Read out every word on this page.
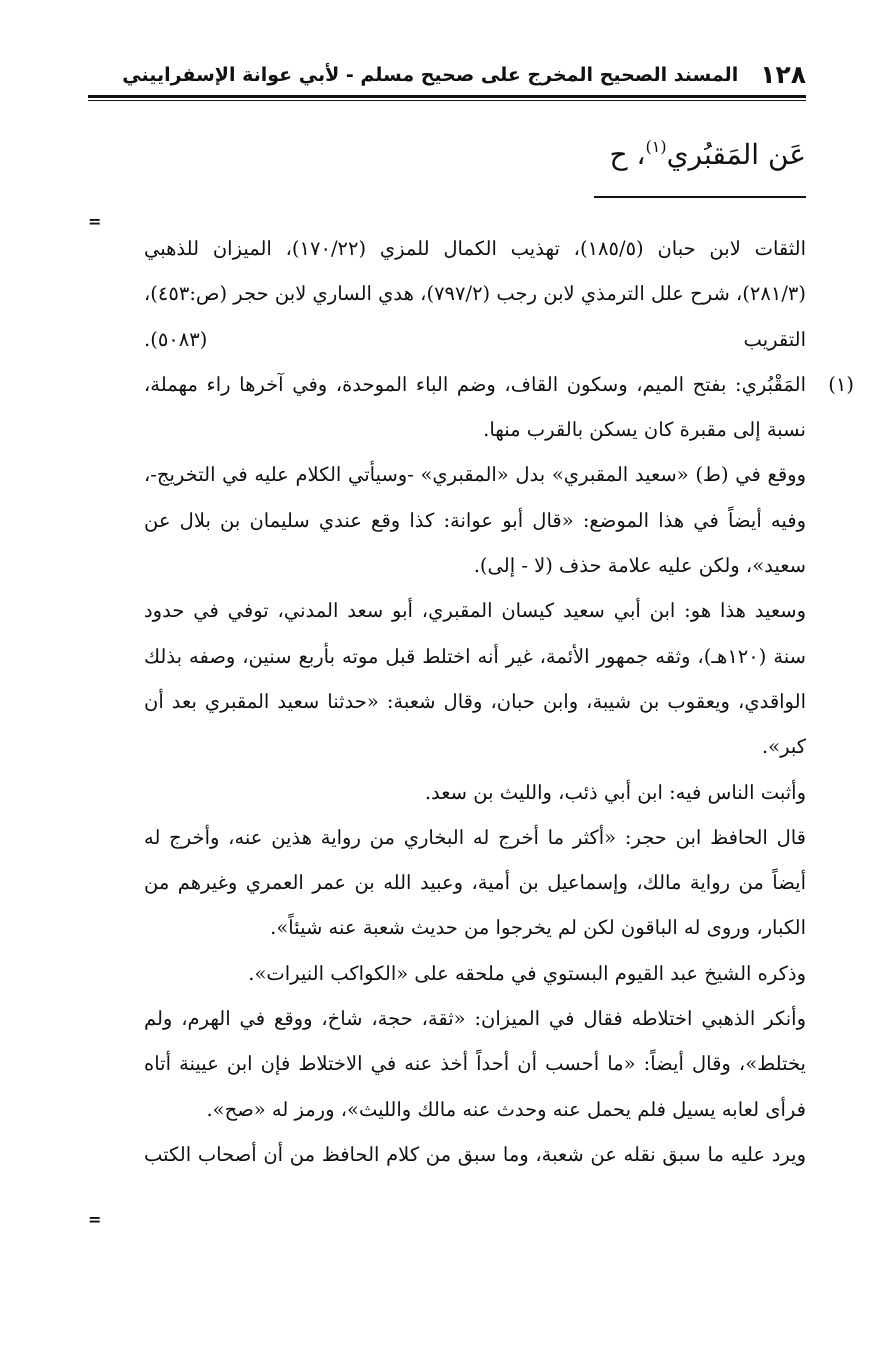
١٢٨
المسند الصحيح المخرج على صحيح مسلم - لأبي عوانة الإسفراييني
عَن المَقبُري$^{(١)}$، ح
=

الثقات لابن حبان (١٨٥/٥)، تهذيب الكمال للمزي (١٧٠/٢٢)، الميزان للذهبي (٢٨١/٣)، شرح علل الترمذي لابن رجب (٧٩٧/٢)، هدي الساري لابن حجر (ص:٤٥٣)، التقريب (٥٠٨٣).

(١)

المَقْبُري: بفتح الميم، وسكون القاف، وضم الباء الموحدة، وفي آخرها راء مهملة، نسبة إلى مقبرة كان يسكن بالقرب منها.

ووقع في (ط) «سعيد المقبري» بدل «المقبري» -وسيأتي الكلام عليه في التخريج-، وفيه أيضاً في هذا الموضع: «قال أبو عوانة: كذا وقع عندي سليمان بن بلال عن سعيد»، ولكن عليه علامة حذف (لا - إلى).

وسعيد هذا هو: ابن أبي سعيد كيسان المقبري، أبو سعد المدني، توفي في حدود سنة (١٢٠هـ)، وثقه جمهور الأئمة، غير أنه اختلط قبل موته بأربع سنين، وصفه بذلك الواقدي، ويعقوب بن شيبة، وابن حبان، وقال شعبة: «حدثنا سعيد المقبري بعد أن كبر».

وأثبت الناس فيه: ابن أبي ذئب، والليث بن سعد.

قال الحافظ ابن حجر: «أكثر ما أخرج له البخاري من رواية هذين عنه، وأخرج له أيضاً من رواية مالك، وإسماعيل بن أمية، وعبيد الله بن عمر العمري وغيرهم من الكبار، وروى له الباقون لكن لم يخرجوا من حديث شعبة عنه شيئاً».

وذكره الشيخ عبد القيوم البستوي في ملحقه على «الكواكب النيرات».

وأنكر الذهبي اختلاطه فقال في الميزان: «ثقة، حجة، شاخ، ووقع في الهرم، ولم يختلط»، وقال أيضاً: «ما أحسب أن أحداً أخذ عنه في الاختلاط فإن ابن عيينة أتاه فرأى لعابه يسيل فلم يحمل عنه وحدث عنه مالك والليث»، ورمز له «صح».

ويرد عليه ما سبق نقله عن شعبة، وما سبق من كلام الحافظ من أن أصحاب الكتب

=
